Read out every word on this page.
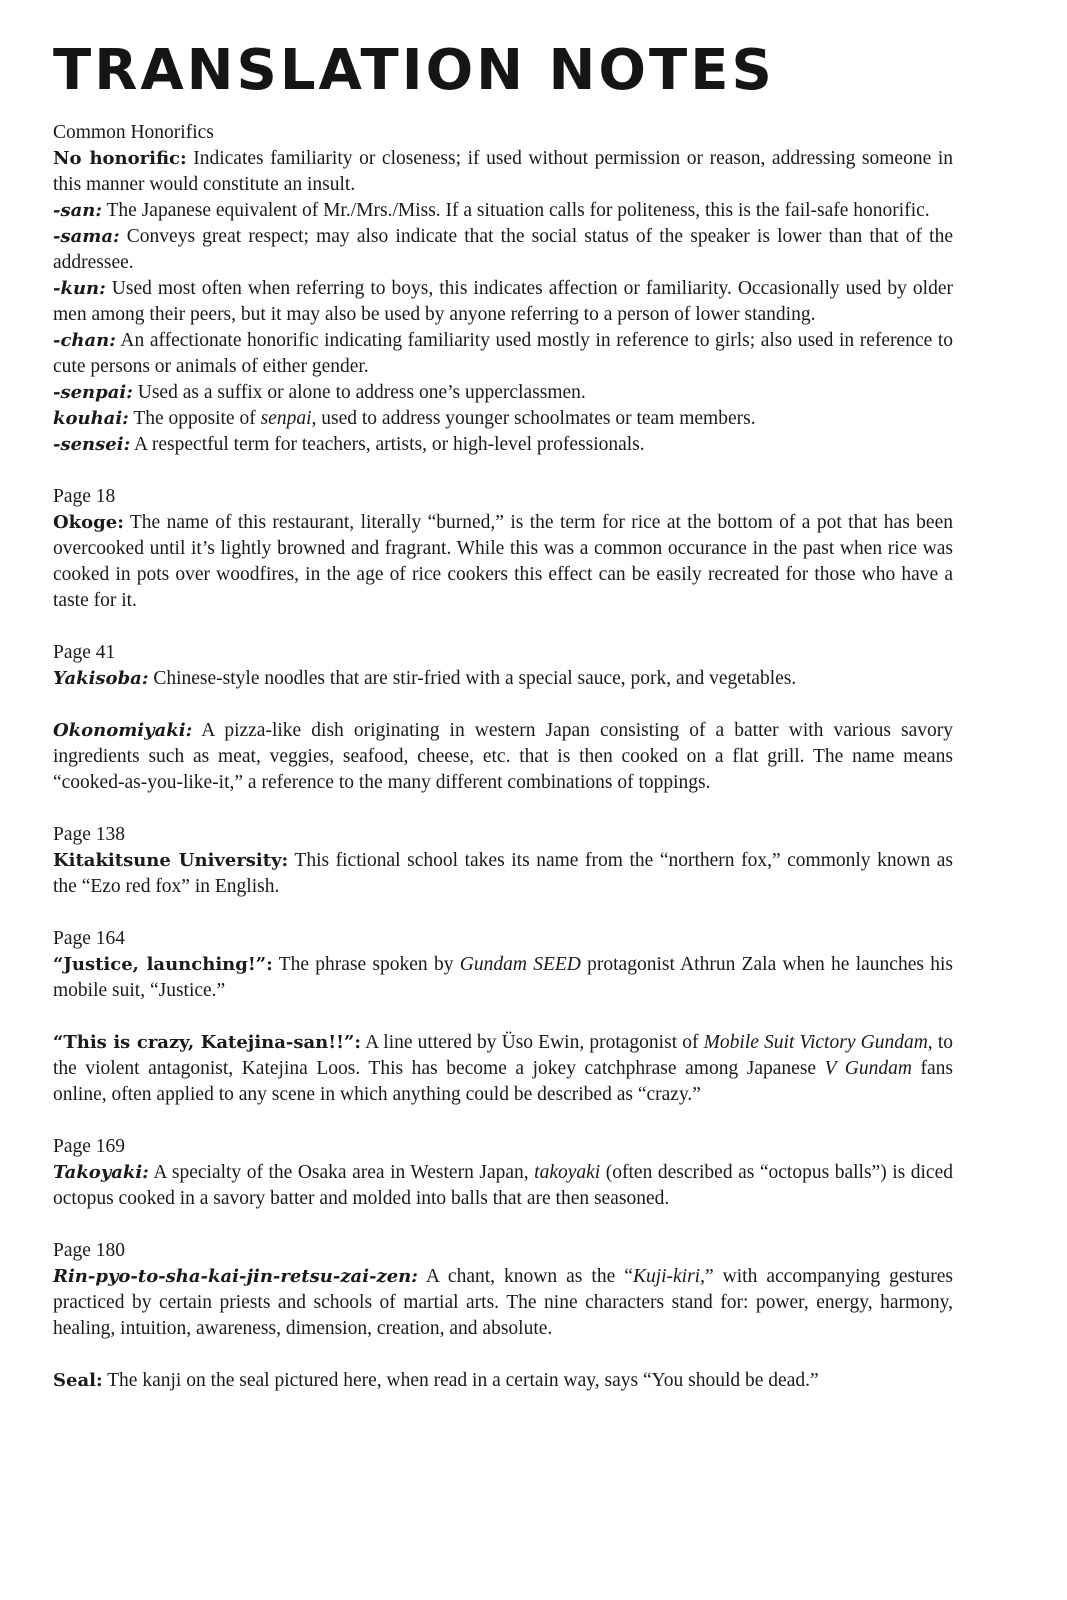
TRANSLATION NOTES

Common Honorifics

No honorific: Indicates familiarity or closeness; if used without permission or reason, addressing someone in this manner would constitute an insult.

-san: The Japanese equivalent of Mr./Mrs./Miss. If a situation calls for politeness, this is the fail-safe honorific.

-sama: Conveys great respect; may also indicate that the social status of the speaker is lower than that of the addressee.

-kun: Used most often when referring to boys, this indicates affection or familiarity. Occasionally used by older men among their peers, but it may also be used by anyone referring to a person of lower standing.

-chan: An affectionate honorific indicating familiarity used mostly in reference to girls; also used in reference to cute persons or animals of either gender.

-senpai: Used as a suffix or alone to address one’s upperclassmen.

kouhai: The opposite of senpai, used to address younger schoolmates or team members.

-sensei: A respectful term for teachers, artists, or high-level professionals.

Page 18

Okoge: The name of this restaurant, literally “burned,” is the term for rice at the bottom of a pot that has been overcooked until it’s lightly browned and fragrant. While this was a common occurance in the past when rice was cooked in pots over woodfires, in the age of rice cookers this effect can be easily recreated for those who have a taste for it.

Page 41

Yakisoba: Chinese-style noodles that are stir-fried with a special sauce, pork, and vegetables.

Okonomiyaki: A pizza-like dish originating in western Japan consisting of a batter with various savory ingredients such as meat, veggies, seafood, cheese, etc. that is then cooked on a flat grill. The name means “cooked-as-you-like-it,” a reference to the many different combinations of toppings.

Page 138

Kitakitsune University: This fictional school takes its name from the “northern fox,” commonly known as the “Ezo red fox” in English.

Page 164

“Justice, launching!”: The phrase spoken by Gundam SEED protagonist Athrun Zala when he launches his mobile suit, “Justice.”

“This is crazy, Katejina-san!!”: A line uttered by Üso Ewin, protagonist of Mobile Suit Victory Gundam, to the violent antagonist, Katejina Loos. This has become a jokey catchphrase among Japanese V Gundam fans online, often applied to any scene in which anything could be described as “crazy.”

Page 169

Takoyaki: A specialty of the Osaka area in Western Japan, takoyaki (often described as “octopus balls”) is diced octopus cooked in a savory batter and molded into balls that are then seasoned.

Page 180

Rin-pyo-to-sha-kai-jin-retsu-zai-zen: A chant, known as the “Kuji-kiri,” with accompanying gestures practiced by certain priests and schools of martial arts. The nine characters stand for: power, energy, harmony, healing, intuition, awareness, dimension, creation, and absolute.

Seal: The kanji on the seal pictured here, when read in a certain way, says “You should be dead.”
